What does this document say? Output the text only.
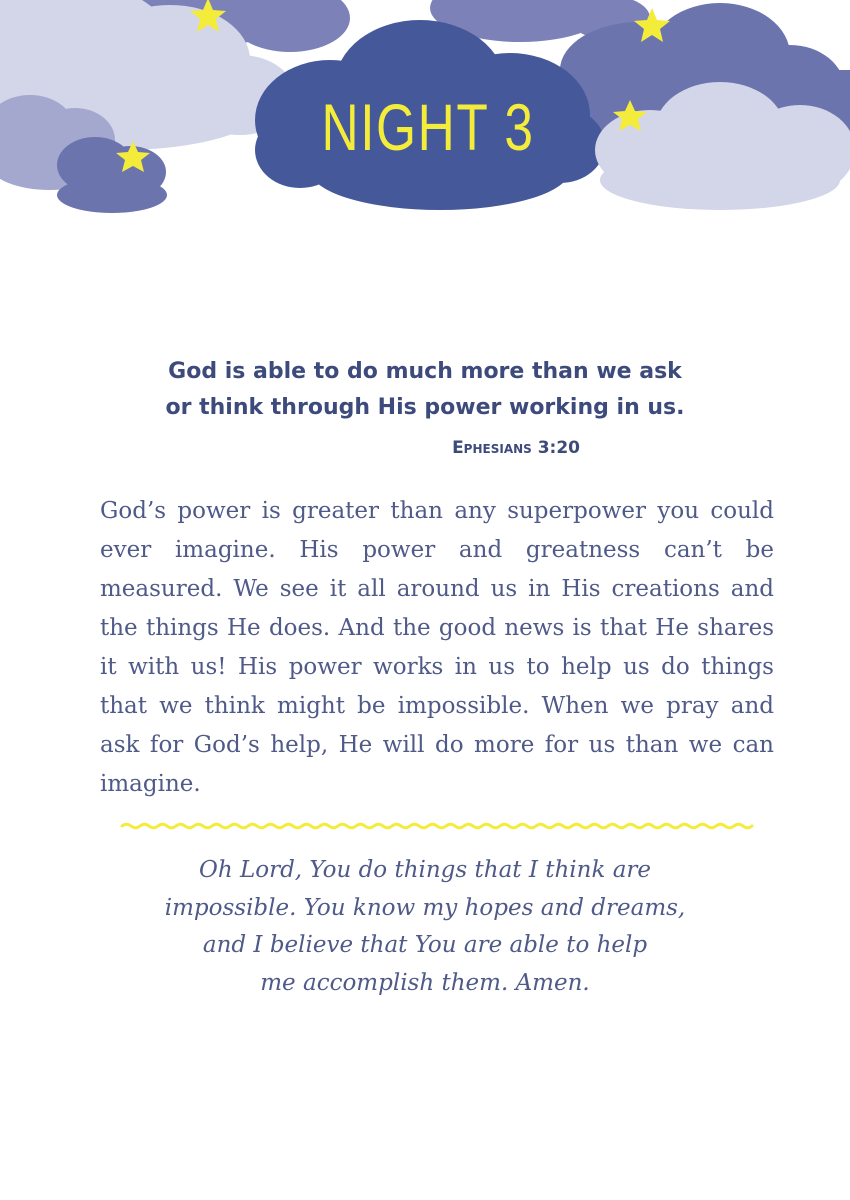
NIGHT 3
God is able to do much more than we ask
or think through His power working in us.
Ephesians 3:20
God’s power is greater than any superpower you could ever imagine. His power and greatness can’t be measured. We see it all around us in His creations and the things He does. And the good news is that He shares it with us! His power works in us to help us do things that we think might be impossible. When we pray and ask for God’s help, He will do more for us than we can imagine.
Oh Lord, You do things that I think are
impossible. You know my hopes and dreams,
and I believe that You are able to help
me accomplish them. Amen.
